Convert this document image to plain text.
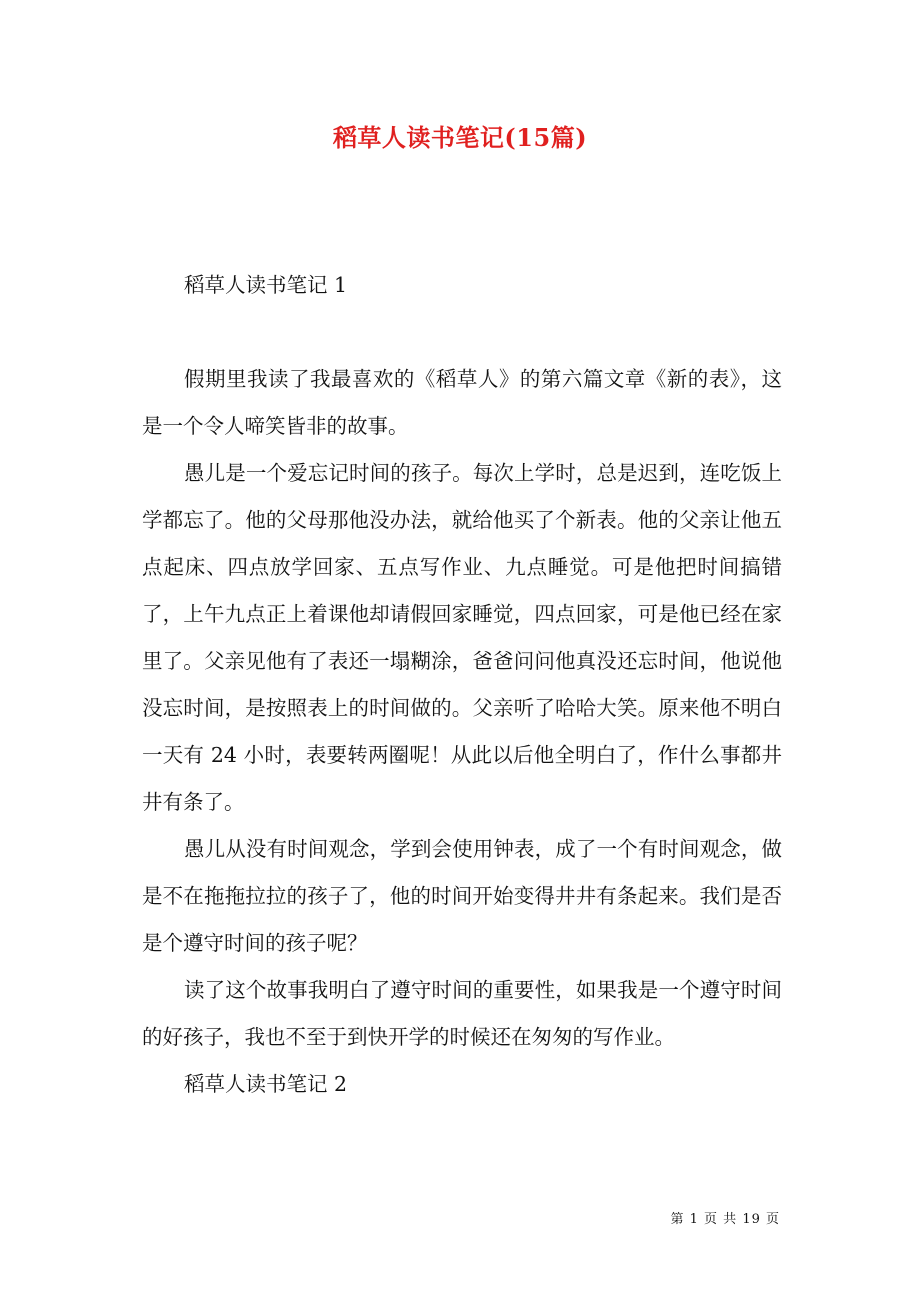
稻草人读书笔记(15篇)

稻草人读书笔记 1

假期里我读了我最喜欢的《稻草人》的第六篇文章《新的表》，这是一个令人啼笑皆非的故事。

愚儿是一个爱忘记时间的孩子。每次上学时，总是迟到，连吃饭上学都忘了。他的父母那他没办法，就给他买了个新表。他的父亲让他五点起床、四点放学回家、五点写作业、九点睡觉。可是他把时间搞错了，上午九点正上着课他却请假回家睡觉，四点回家，可是他已经在家里了。父亲见他有了表还一塌糊涂，爸爸问问他真没还忘时间，他说他没忘时间，是按照表上的时间做的。父亲听了哈哈大笑。原来他不明白一天有 24 小时，表要转两圈呢！从此以后他全明白了，作什么事都井井有条了。

愚儿从没有时间观念，学到会使用钟表，成了一个有时间观念，做是不在拖拖拉拉的孩子了，他的时间开始变得井井有条起来。我们是否是个遵守时间的孩子呢？

读了这个故事我明白了遵守时间的重要性，如果我是一个遵守时间的好孩子，我也不至于到快开学的时候还在匆匆的写作业。

稻草人读书笔记 2

第 1 页 共 19 页
